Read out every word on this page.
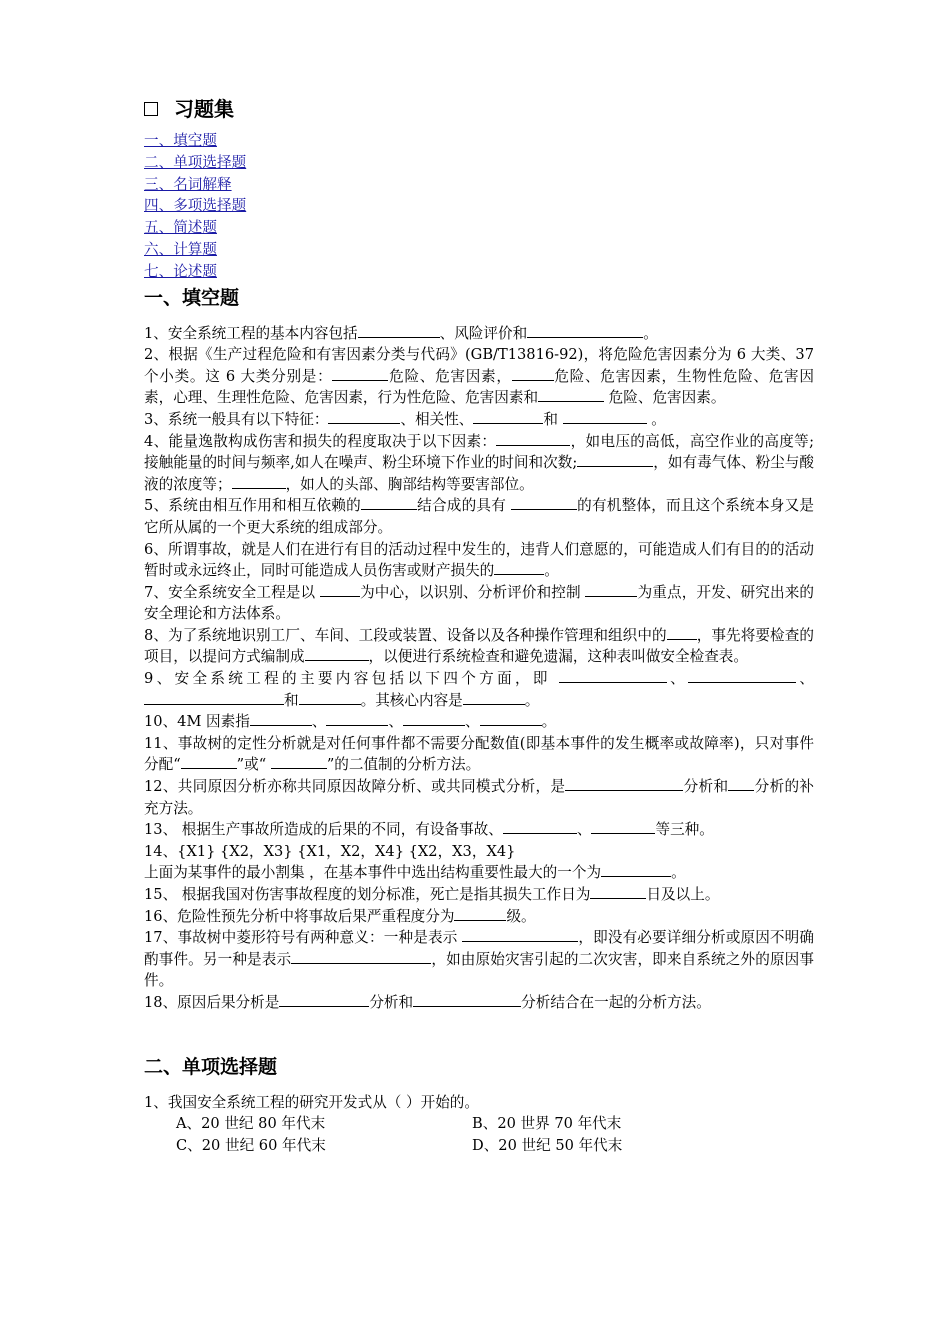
习题集
一、填空题
二、单项选择题
三、名词解释
四、多项选择题
五、简述题
六、计算题
七、论述题
一、填空题

1、安全系统工程的基本内容包括	、风险评价和	。

2、根据《生产过程危险和有害因素分类与代码》(GB/T13816-92)，将危险危害因素分为 6 大类、37 个小类。这 6 大类分别是：	危险、危害因素，	危险、危害因素，生物性危险、危害因素，心理、生理性危险、危害因素，行为性危险、危害因素和	危险、危害因素。

3、系统一般具有以下特征：	、相关性、	和	。

4、能量逸散构成伤害和损失的程度取决于以下因素：	，如电压的高低，高空作业的高度等;接触能量的时间与频率,如人在噪声、粉尘环境下作业的时间和次数;	，如有毒气体、粉尘与酸液的浓度等；	，如人的头部、胸部结构等要害部位。

5、系统由相互作用和相互依赖的	结合成的具有	的有机整体，而且这个系统本身又是它所从属的一个更大系统的组成部分。

6、所谓事故，就是人们在进行有目的活动过程中发生的，违背人们意愿的，可能造成人们有目的的活动暂时或永远终止，同时可能造成人员伤害或财产损失的	。

7、安全系统安全工程是以	为中心，以识别、分析评价和控制	为重点，开发、研究出来的安全理论和方法体系。

8、为了系统地识别工厂、车间、工段或装置、设备以及各种操作管理和组织中的 ，事先将要检查的项目，以提问方式编制成	，以便进行系统检查和避免遗漏，这种表叫做安全检查表。

9、安全系统工程的主要内容包括以下四个方面，即	、	、和	。其核心内容是	。

10、4M 因素指	、	、	、	。

11、事故树的定性分析就是对任何事件都不需要分配数值(即基本事件的发生概率或故障率)，只对事件分配“	”或“	”的二值制的分析方法。

12、共同原因分析亦称共同原因故障分析、或共同模式分析，是	分析和 分析的补充方法。

13、 根据生产事故所造成的后果的不同，有设备事故、	、	等三种。

14、{X1} {X2，X3} {X1，X2，X4} {X2，X3，X4}
上面为某事件的最小割集 ，在基本事件中选出结构重要性最大的一个为	。

15、 根据我国对伤害事故程度的划分标准，死亡是指其损失工作日为	日及以上。

16、危险性预先分析中将事故后果严重程度分为	级。

17、事故树中菱形符号有两种意义：一种是表示	，即没有必要详细分析或原因不明确酌事件。另一种是表示	，如由原始灾害引起的二次灾害，即来自系统之外的原因事件。

18、原因后果分析是	分析和	分析结合在一起的分析方法。

二、单项选择题

1、我国安全系统工程的研究开发式从（ ）开始的。

A、20 世纪 80 年代末	B、20 世界 70 年代末
C、20 世纪 60 年代末	D、20 世纪 50 年代末
